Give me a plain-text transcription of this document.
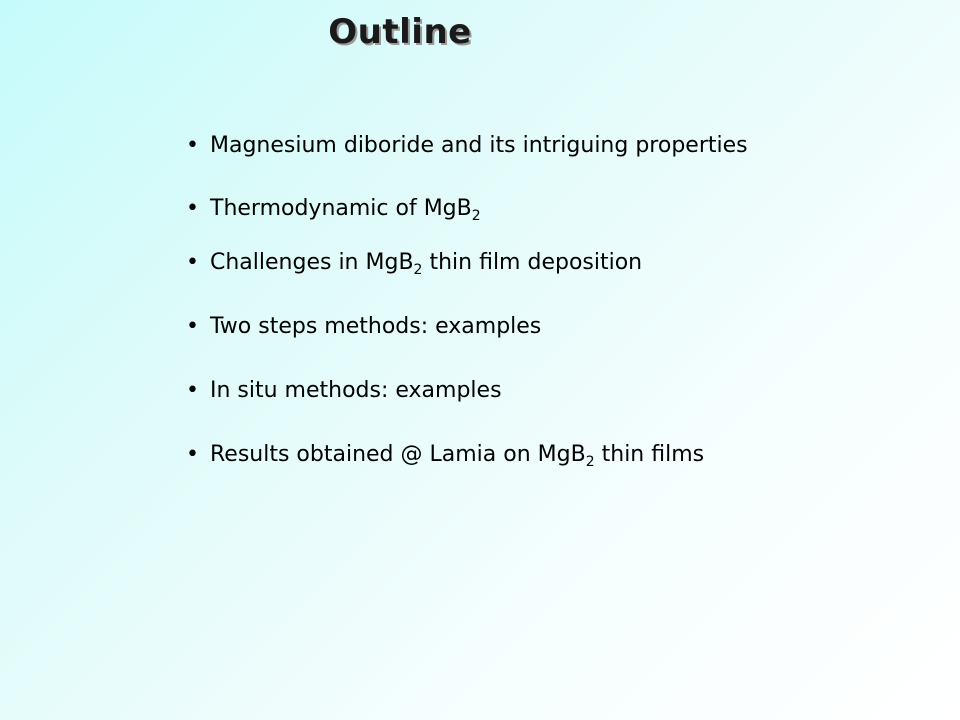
Outline
• Magnesium diboride and its intriguing properties
• Thermodynamic of MgB$_2$
• Challenges in MgB$_2$ thin film deposition
• Two steps methods: examples
• In situ methods: examples
• Results obtained @ Lamia on MgB$_2$ thin films
